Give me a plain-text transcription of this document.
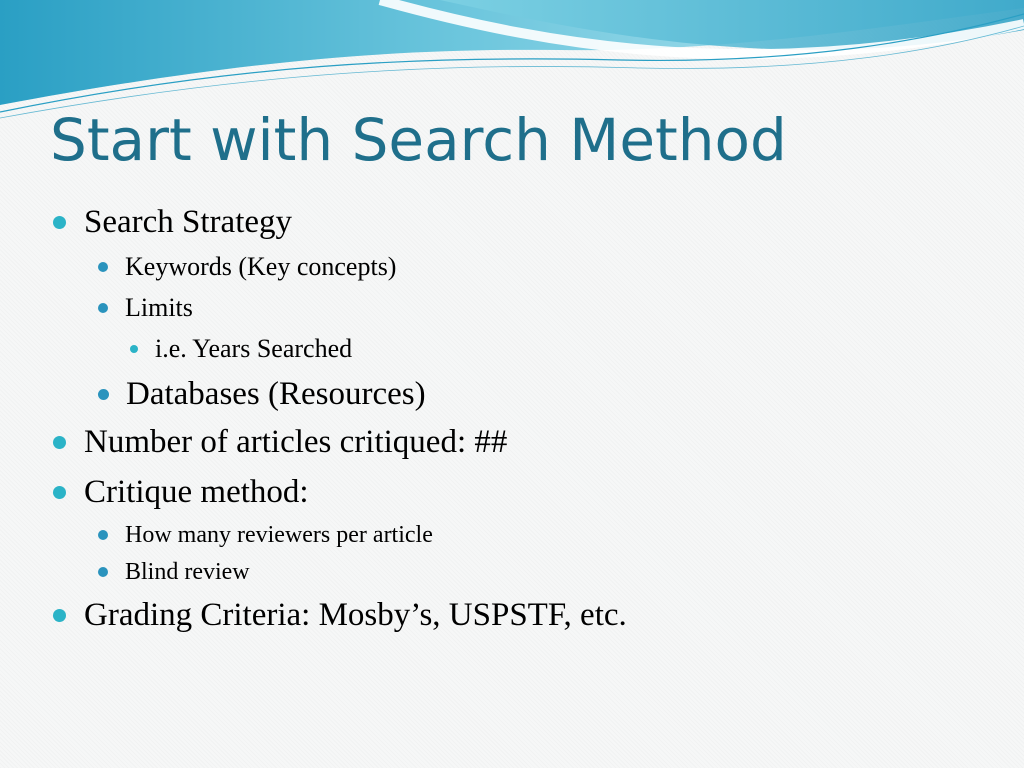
Start with Search Method
Search Strategy
Keywords (Key concepts)
Limits
i.e. Years Searched
Databases (Resources)
Number of articles critiqued: ##
Critique method:
How many reviewers per article
Blind review
Grading Criteria: Mosby’s, USPSTF, etc.
